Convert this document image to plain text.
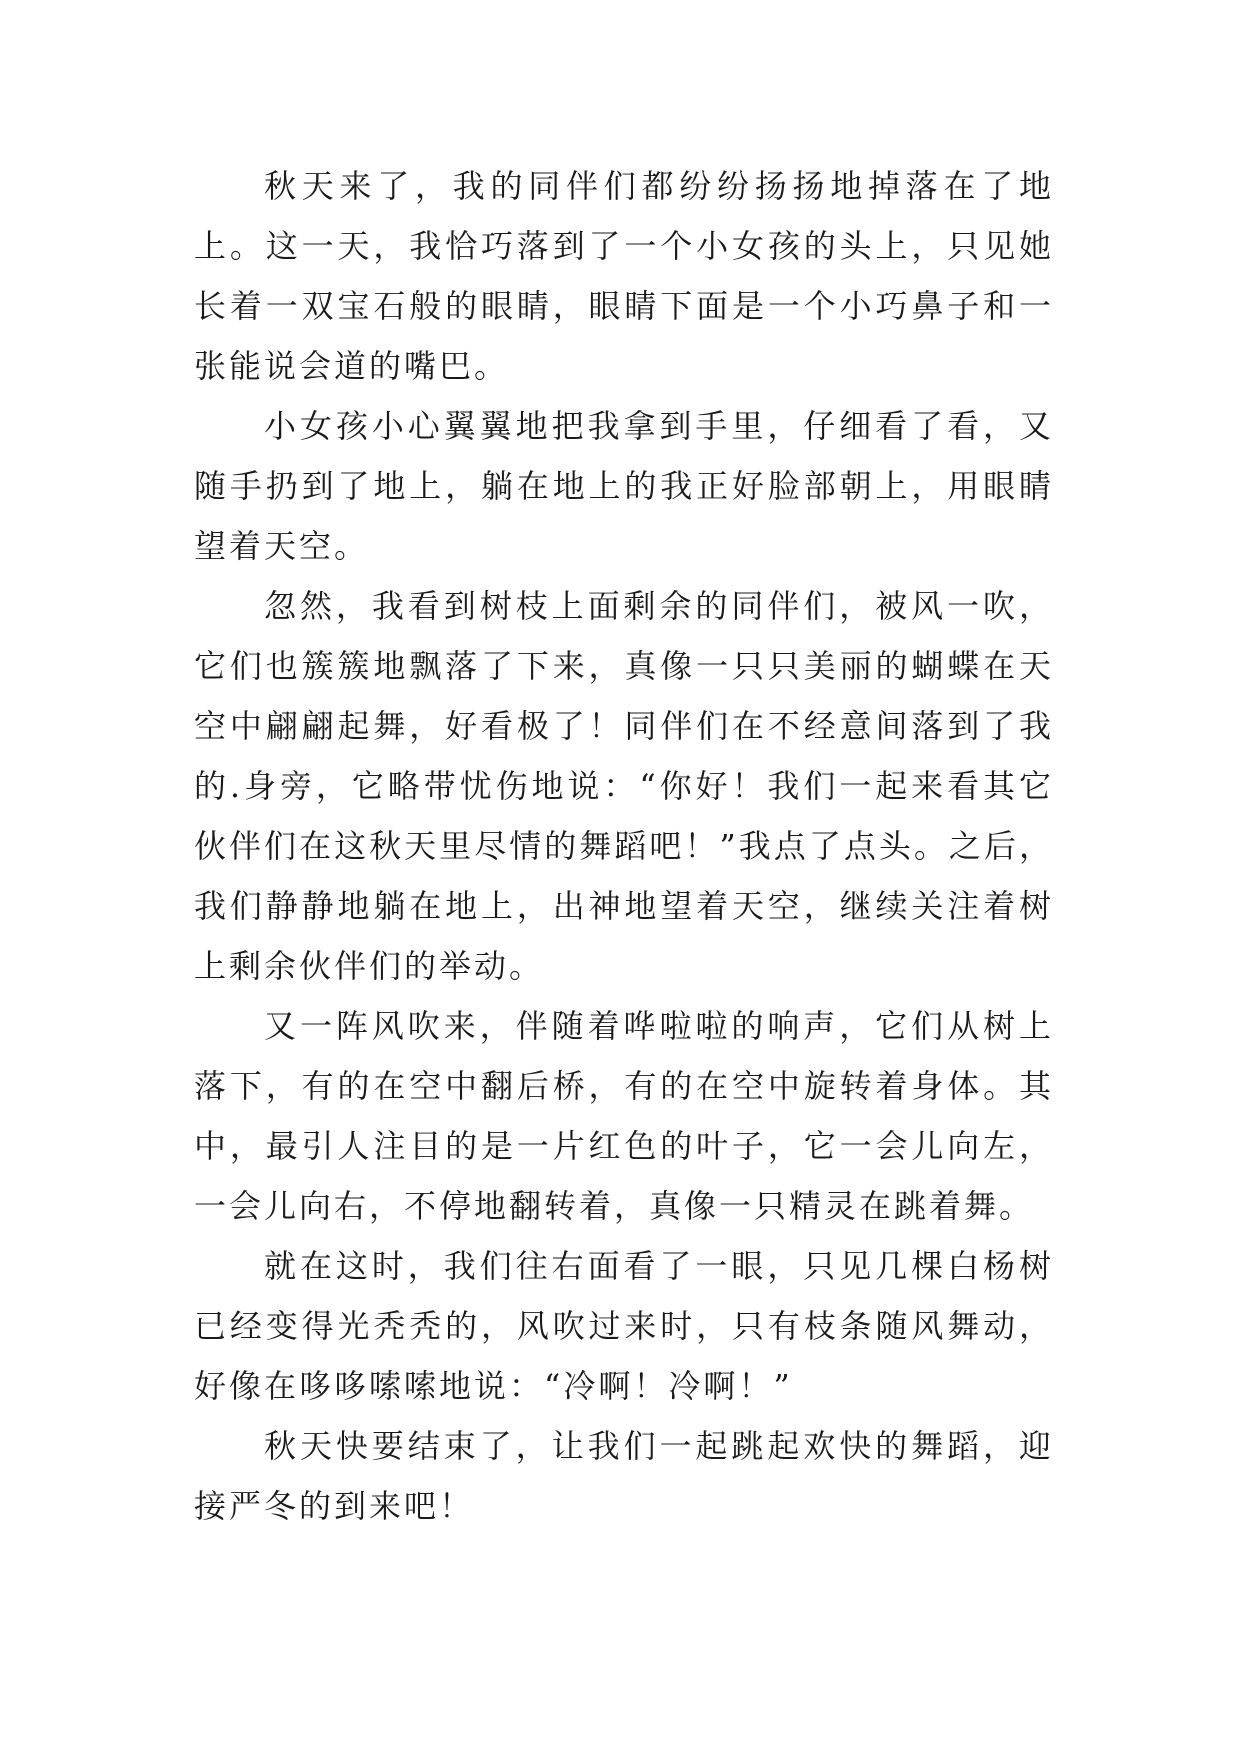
秋天来了，我的同伴们都纷纷扬扬地掉落在了地上。这一天，我恰巧落到了一个小女孩的头上，只见她长着一双宝石般的眼睛，眼睛下面是一个小巧鼻子和一张能说会道的嘴巴。

小女孩小心翼翼地把我拿到手里，仔细看了看，又随手扔到了地上，躺在地上的我正好脸部朝上，用眼睛望着天空。

忽然，我看到树枝上面剩余的同伴们，被风一吹，它们也簇簇地飘落了下来，真像一只只美丽的蝴蝶在天空中翩翩起舞，好看极了！同伴们在不经意间落到了我的.身旁，它略带忧伤地说：“你好！我们一起来看其它伙伴们在这秋天里尽情的舞蹈吧！”我点了点头。之后，我们静静地躺在地上，出神地望着天空，继续关注着树上剩余伙伴们的举动。

又一阵风吹来，伴随着哗啦啦的响声，它们从树上落下，有的在空中翻后桥，有的在空中旋转着身体。其中，最引人注目的是一片红色的叶子，它一会儿向左，一会儿向右，不停地翻转着，真像一只精灵在跳着舞。

就在这时，我们往右面看了一眼，只见几棵白杨树已经变得光秃秃的，风吹过来时，只有枝条随风舞动，好像在哆哆嗦嗦地说：“冷啊！冷啊！”

秋天快要结束了，让我们一起跳起欢快的舞蹈，迎接严冬的到来吧！
